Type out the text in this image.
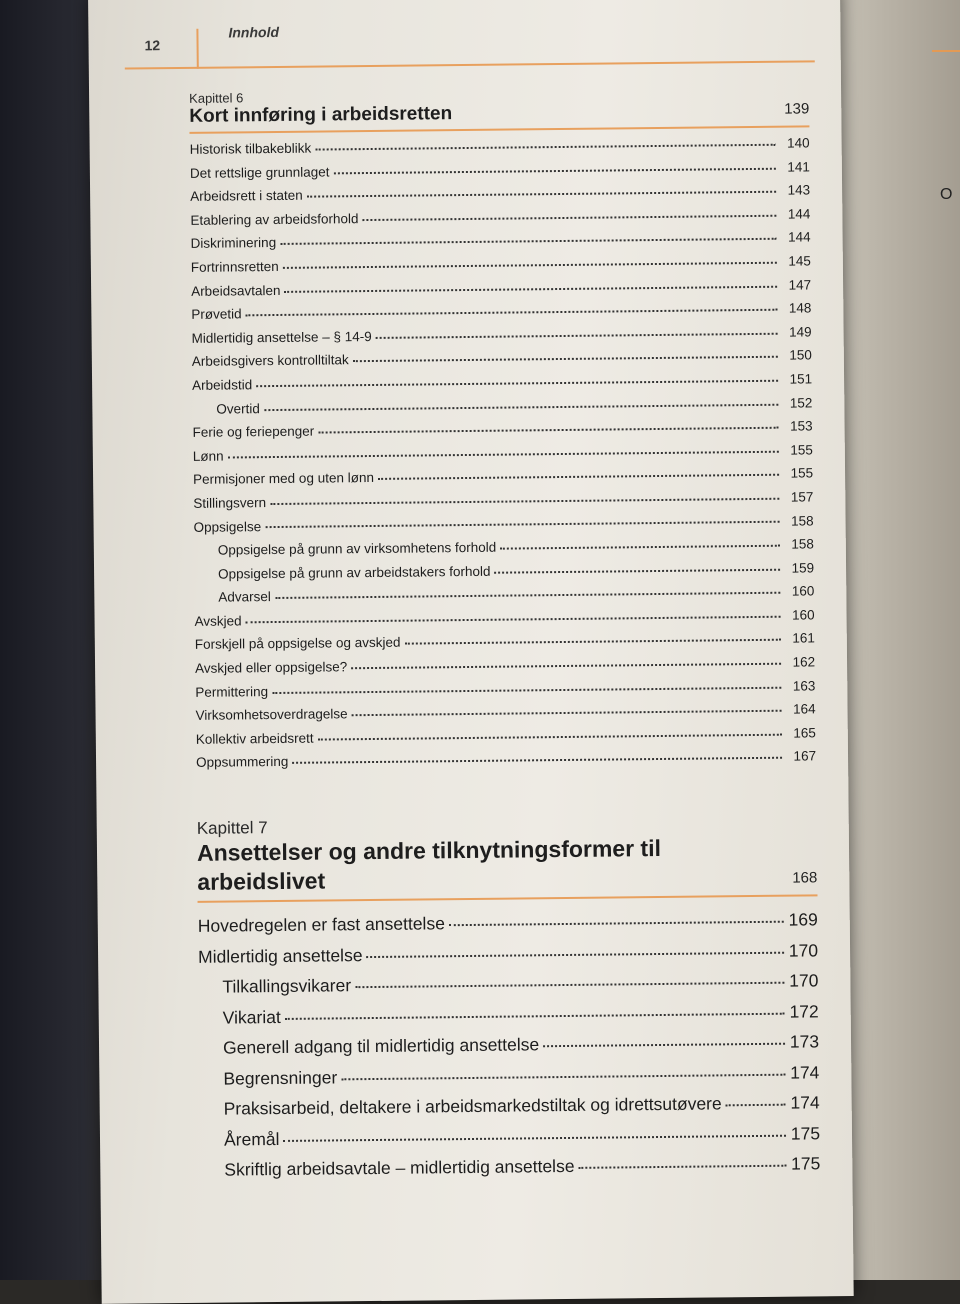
O
12
Innhold
Kapittel 6
Kort innføring i arbeidsretten	139
Historisk tilbakeblikk	140
Det rettslige grunnlaget	141
Arbeidsrett i staten	143
Etablering av arbeidsforhold	144
Diskriminering	144
Fortrinnsretten	145
Arbeidsavtalen	147
Prøvetid	148
Midlertidig ansettelse – § 14-9	149
Arbeidsgivers kontrolltiltak	150
Arbeidstid	151
Overtid	152
Ferie og feriepenger	153
Lønn	155
Permisjoner med og uten lønn	155
Stillingsvern	157
Oppsigelse	158
Oppsigelse på grunn av virksomhetens forhold	158
Oppsigelse på grunn av arbeidstakers forhold	159
Advarsel	160
Avskjed	160
Forskjell på oppsigelse og avskjed	161
Avskjed eller oppsigelse?	162
Permittering	163
Virksomhetsoverdragelse	164
Kollektiv arbeidsrett	165
Oppsummering	167
Kapittel 7
Ansettelser og andre tilknytningsformer til arbeidslivet	168
Hovedregelen er fast ansettelse	169
Midlertidig ansettelse	170
Tilkallingsvikarer	170
Vikariat	172
Generell adgang til midlertidig ansettelse	173
Begrensninger	174
Praksisarbeid, deltakere i arbeidsmarkedstiltak og idrettsutøvere	174
Åremål	175
Skriftlig arbeidsavtale – midlertidig ansettelse	175
